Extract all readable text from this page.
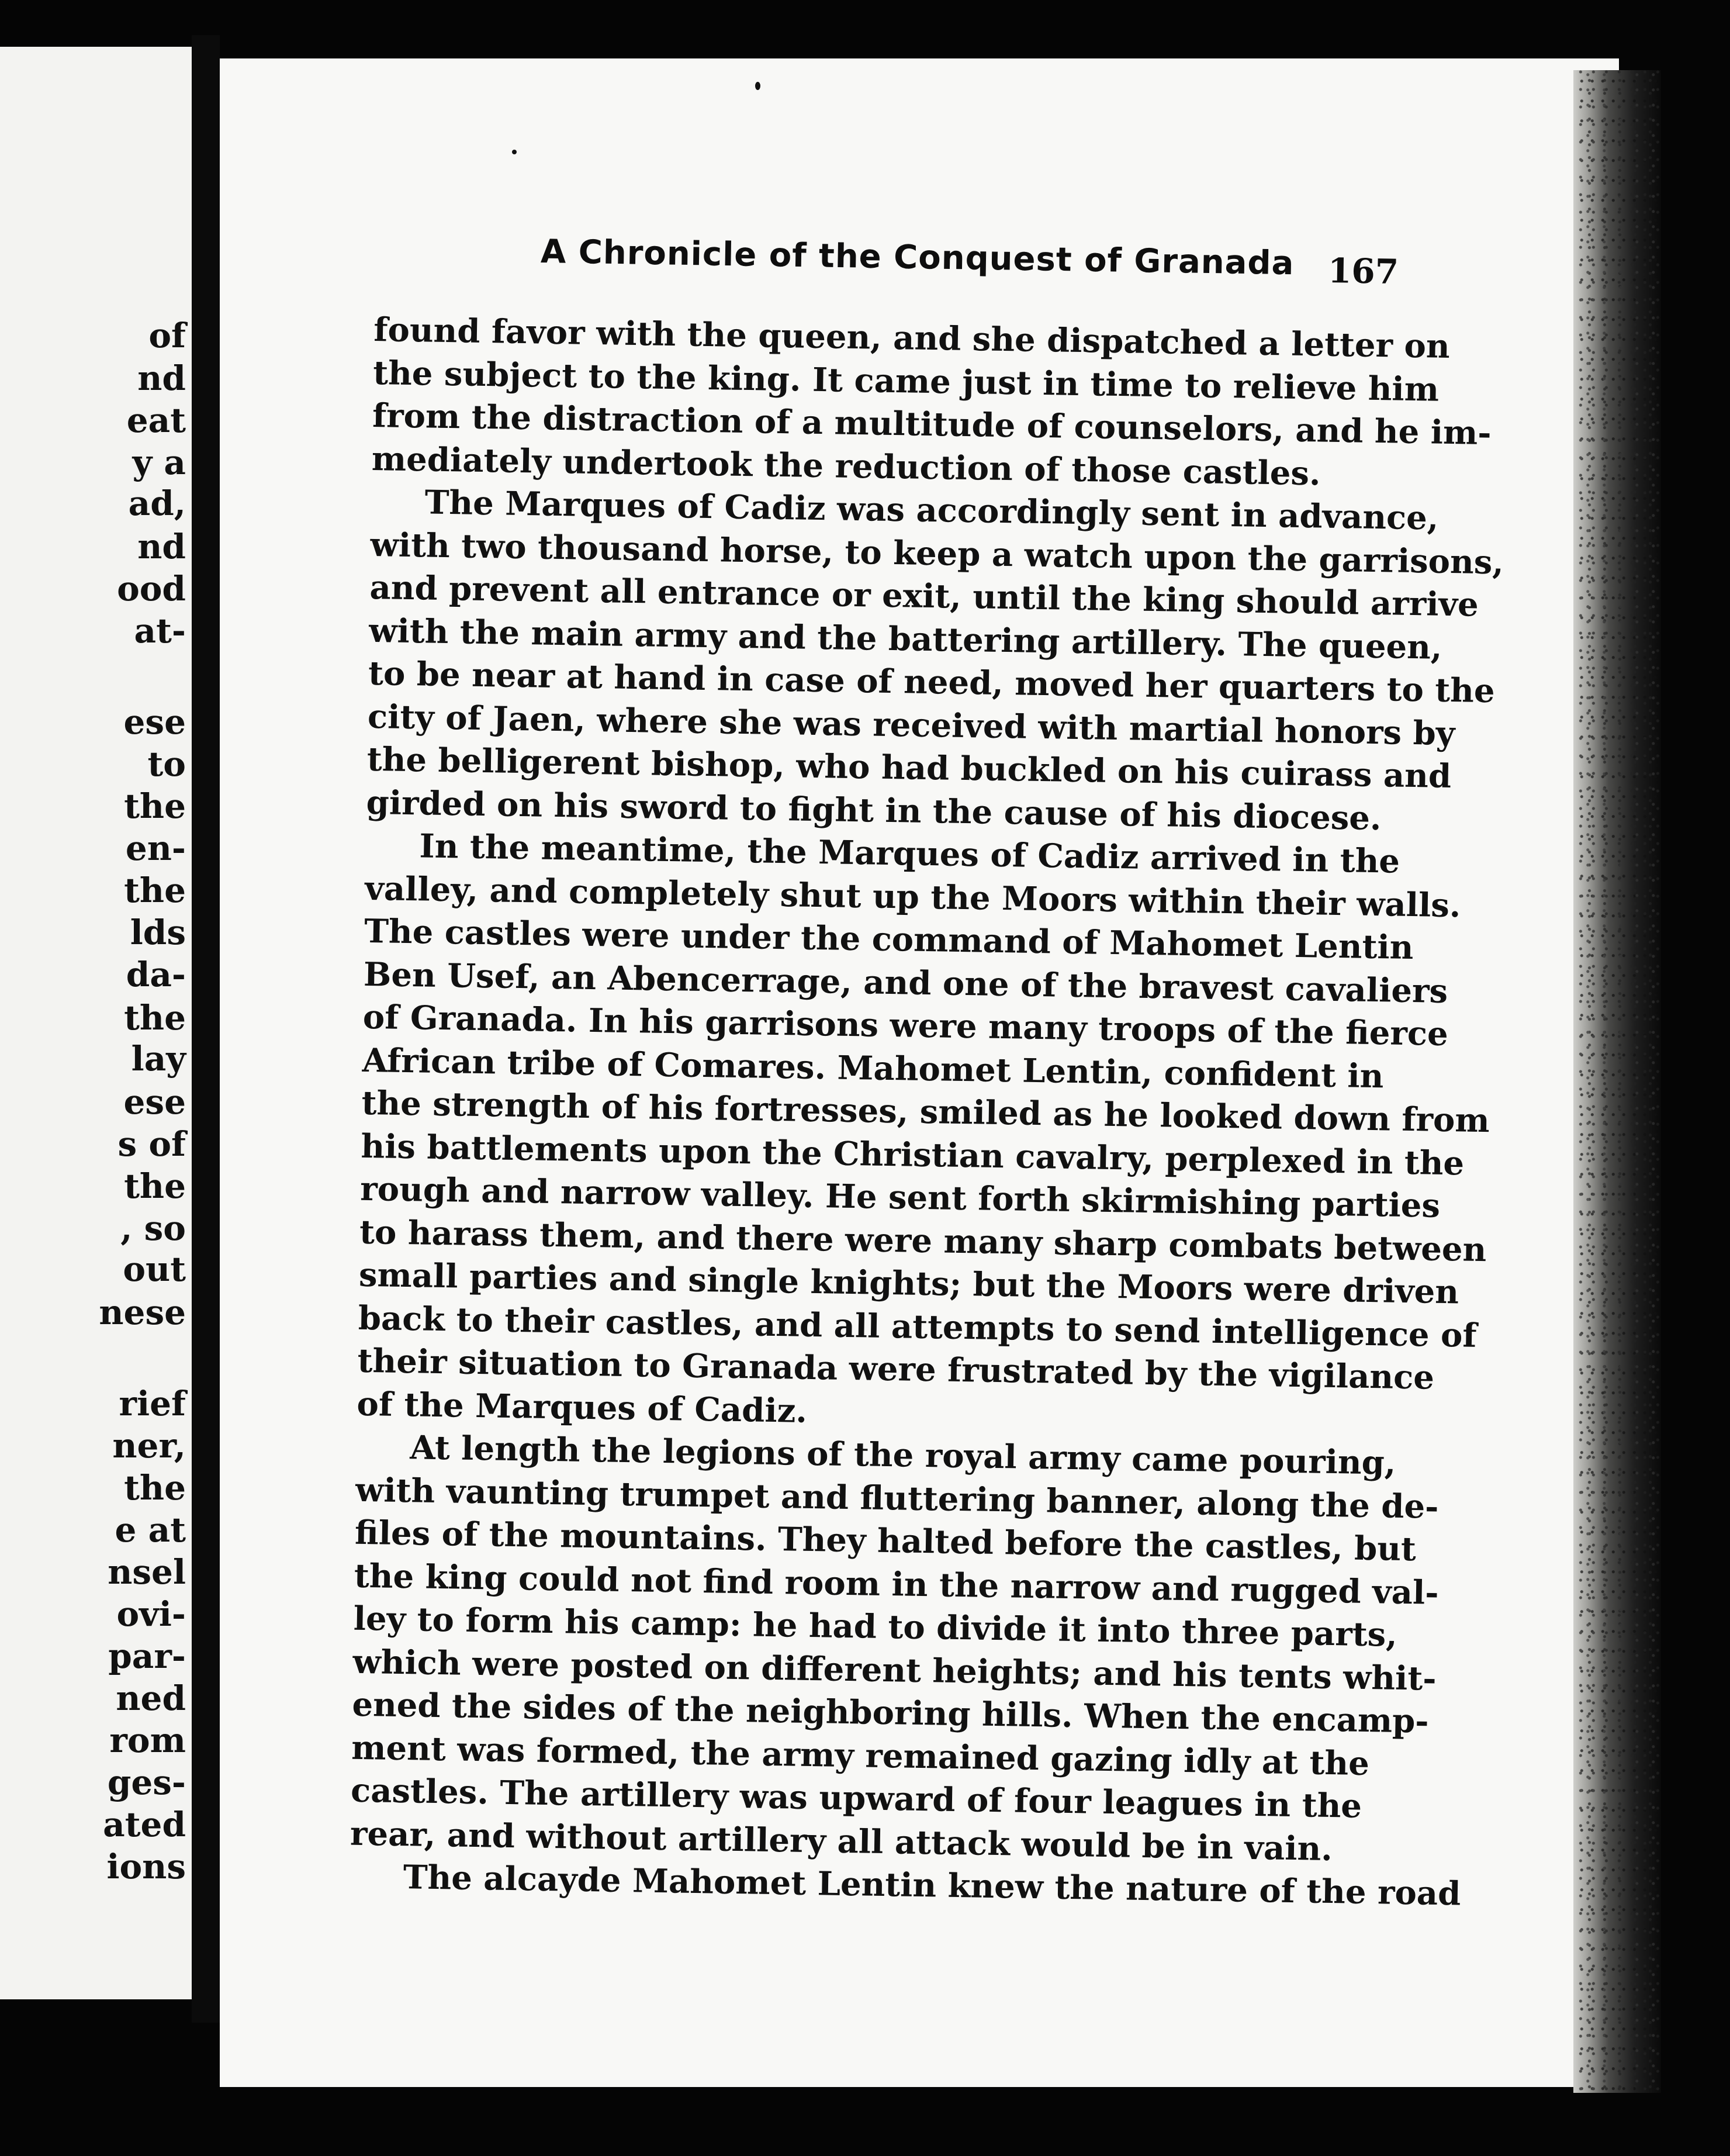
of
nd
eat
y a
ad,
nd
ood
at-
ese
to
the
en-
the
lds
da-
the
lay
ese
s of
the
, so
out
nese
rief
ner,
the
e at
nsel
ovi-
par-
ned
rom
ges-
ated
ions
A Chronicle of the Conquest of Granada 167
found favor with the queen, and she dispatched a letter on
the subject to the king. It came just in time to relieve him
from the distraction of a multitude of counselors, and he im-
mediately undertook the reduction of those castles.
The Marques of Cadiz was accordingly sent in advance,
with two thousand horse, to keep a watch upon the garrisons,
and prevent all entrance or exit, until the king should arrive
with the main army and the battering artillery. The queen,
to be near at hand in case of need, moved her quarters to the
city of Jaen, where she was received with martial honors by
the belligerent bishop, who had buckled on his cuirass and
girded on his sword to fight in the cause of his diocese.
In the meantime, the Marques of Cadiz arrived in the
valley, and completely shut up the Moors within their walls.
The castles were under the command of Mahomet Lentin
Ben Usef, an Abencerrage, and one of the bravest cavaliers
of Granada. In his garrisons were many troops of the fierce
African tribe of Comares. Mahomet Lentin, confident in
the strength of his fortresses, smiled as he looked down from
his battlements upon the Christian cavalry, perplexed in the
rough and narrow valley. He sent forth skirmishing parties
to harass them, and there were many sharp combats between
small parties and single knights; but the Moors were driven
back to their castles, and all attempts to send intelligence of
their situation to Granada were frustrated by the vigilance
of the Marques of Cadiz.
At length the legions of the royal army came pouring,
with vaunting trumpet and fluttering banner, along the de-
files of the mountains. They halted before the castles, but
the king could not find room in the narrow and rugged val-
ley to form his camp: he had to divide it into three parts,
which were posted on different heights; and his tents whit-
ened the sides of the neighboring hills. When the encamp-
ment was formed, the army remained gazing idly at the
castles. The artillery was upward of four leagues in the
rear, and without artillery all attack would be in vain.
The alcayde Mahomet Lentin knew the nature of the road
